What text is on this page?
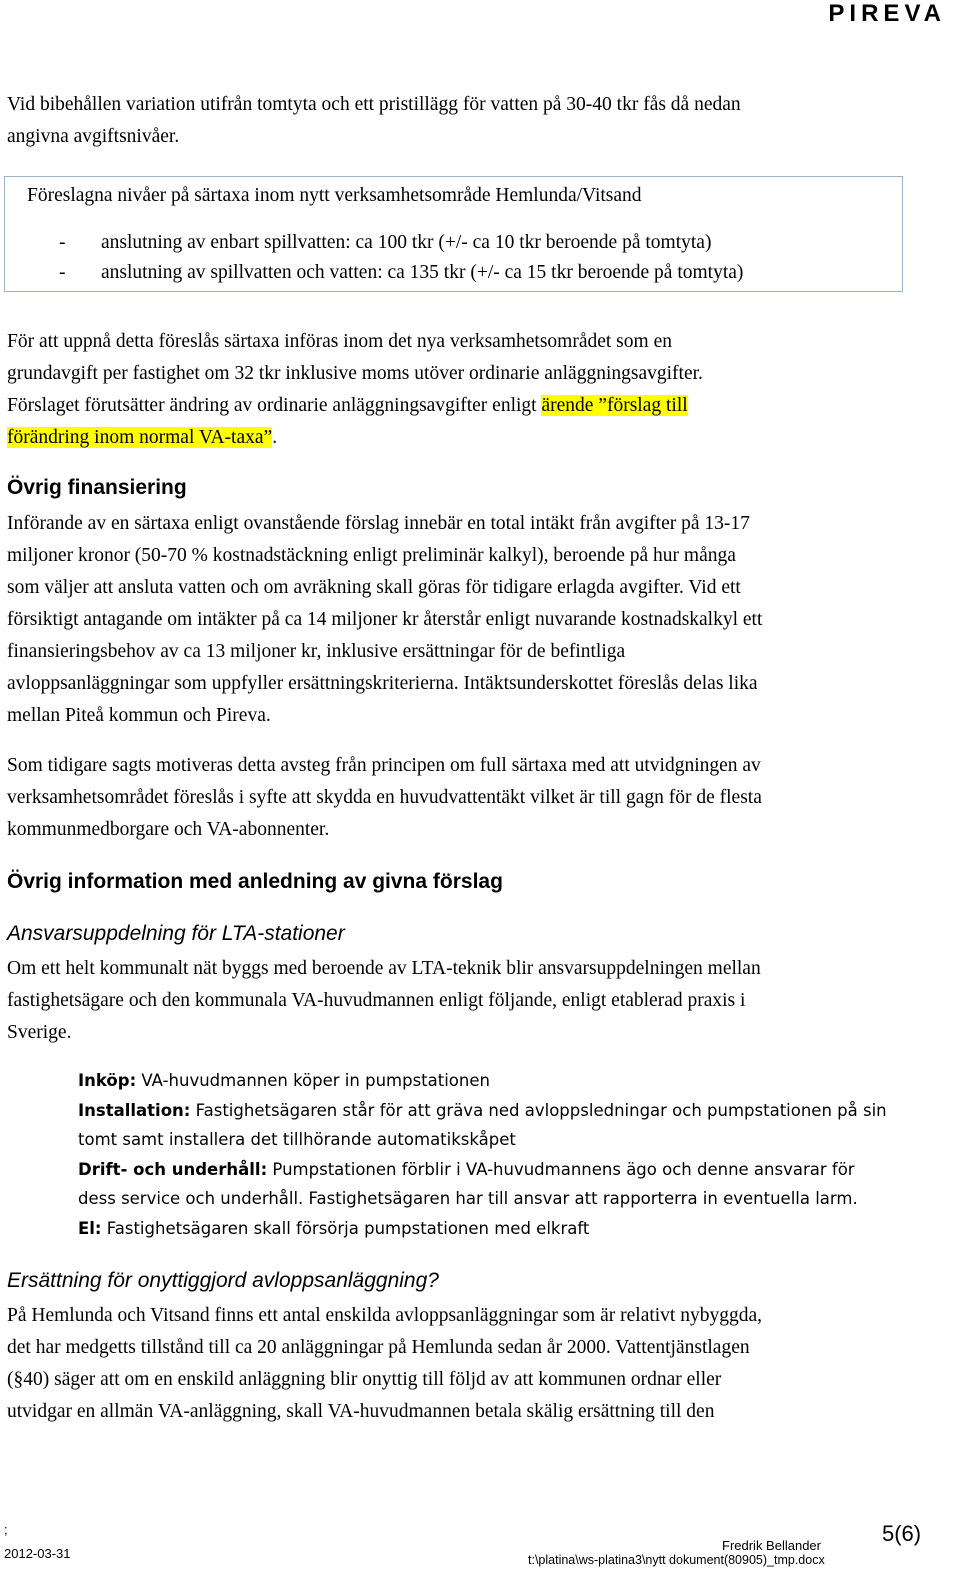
PIREVA
Vid bibehållen variation utifrån tomtyta och ett pristillägg för vatten på 30-40 tkr fås då nedan
angivna avgiftsnivåer.
Föreslagna nivåer på särtaxa inom nytt verksamhetsområde Hemlunda/Vitsand
- anslutning av enbart spillvatten: ca 100 tkr (+/- ca 10 tkr beroende på tomtyta)
- anslutning av spillvatten och vatten: ca 135 tkr (+/- ca 15 tkr beroende på tomtyta)
För att uppnå detta föreslås särtaxa införas inom det nya verksamhetsområdet som en
grundavgift per fastighet om 32 tkr inklusive moms utöver ordinarie anläggningsavgifter.
Förslaget förutsätter ändring av ordinarie anläggningsavgifter enligt ärende ”förslag till
förändring inom normal VA-taxa”.
Övrig finansiering
Införande av en särtaxa enligt ovanstående förslag innebär en total intäkt från avgifter på 13-17
miljoner kronor (50-70 % kostnadstäckning enligt preliminär kalkyl), beroende på hur många
som väljer att ansluta vatten och om avräkning skall göras för tidigare erlagda avgifter. Vid ett
försiktigt antagande om intäkter på ca 14 miljoner kr återstår enligt nuvarande kostnadskalkyl ett
finansieringsbehov av ca 13 miljoner kr, inklusive ersättningar för de befintliga
avloppsanläggningar som uppfyller ersättningskriterierna. Intäktsunderskottet föreslås delas lika
mellan Piteå kommun och Pireva.
Som tidigare sagts motiveras detta avsteg från principen om full särtaxa med att utvidgningen av
verksamhetsområdet föreslås i syfte att skydda en huvudvattentäkt vilket är till gagn för de flesta
kommunmedborgare och VA-abonnenter.
Övrig information med anledning av givna förslag
Ansvarsuppdelning för LTA-stationer
Om ett helt kommunalt nät byggs med beroende av LTA-teknik blir ansvarsuppdelningen mellan
fastighetsägare och den kommunala VA-huvudmannen enligt följande, enligt etablerad praxis i
Sverige.
Inköp: VA-huvudmannen köper in pumpstationen
Installation: Fastighetsägaren står för att gräva ned avloppsledningar och pumpstationen på sin
tomt samt installera det tillhörande automatikskåpet
Drift- och underhåll: Pumpstationen förblir i VA-huvudmannens ägo och denne ansvarar för
dess service och underhåll. Fastighetsägaren har till ansvar att rapporterra in eventuella larm.
El: Fastighetsägaren skall försörja pumpstationen med elkraft
Ersättning för onyttiggjord avloppsanläggning?
På Hemlunda och Vitsand finns ett antal enskilda avloppsanläggningar som är relativt nybyggda,
det har medgetts tillstånd till ca 20 anläggningar på Hemlunda sedan år 2000. Vattentjänstlagen
(§40) säger att om en enskild anläggning blir onyttig till följd av att kommunen ordnar eller
utvidgar en allmän VA-anläggning, skall VA-huvudmannen betala skälig ersättning till den
;
2012-03-31
Fredrik Bellander
t:\platina\ws-platina3\nytt dokument(80905)_tmp.docx
5(6)
